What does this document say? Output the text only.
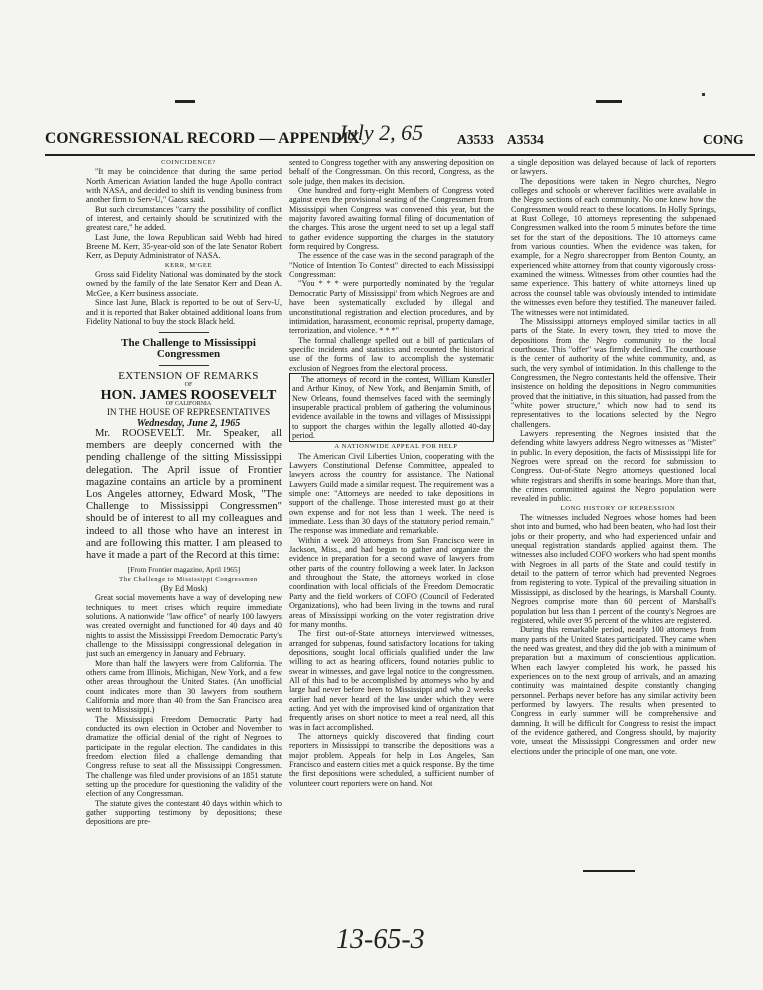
CONGRESSIONAL RECORD — APPENDIX
July 2, 65	A3533 A3534	CONG

COINCIDENCE?

"It may be coincidence that during the same period North American Aviation landed the huge Apollo contract with NASA, and decided to shift its vending business from another firm to Serv-U," Gaoss said.

But such circumstances "carry the possibility of conflict of interest, and certainly should be scrutinized with the greatest care," he added.

Last June, the Iowa Republican said Webb had hired Breene M. Kerr, 35-year-old son of the late Senator Robert Kerr, as Deputy Administrator of NASA.

KERR, M'GEE

Gross said Fidelity National was dominated by the stock owned by the family of the late Senator Kerr and Dean A. McGee, a Kerr business associate.

Since last June, Black is reported to be out of Serv-U, and it is reported that Baker obtained additional loans from Fidelity National to buy the stock Black held.

The Challenge to Mississippi

Congressmen

EXTENSION OF REMARKS

OF

HON. JAMES ROOSEVELT

OF CALIFORNIA

IN THE HOUSE OF REPRESENTATIVES

Wednesday, June 2, 1965

Mr. ROOSEVELT. Mr. Speaker, all members are deeply concerned with the pending challenge of the sitting Mississippi delegation. The April issue of Frontier magazine contains an article by a prominent Los Angeles attorney, Edward Mosk, "The Challenge to Mississippi Congressmen" should be of interest to all my colleagues and indeed to all those who have an interest in and are following this matter. I am pleased to have it made a part of the Record at this time:

[From Frontier magazine, April 1965]

The Challenge to Mississippi Congressmen

(By Ed Mosk)

Great social movements have a way of developing new techniques to meet crises which require immediate solutions. A nationwide "law office" of nearly 100 lawyers was created overnight and functioned for 40 days and 40 nights to assist the Mississippi Freedom Democratic Party's challenge to the Mississippi congressional delegation in just such an emergency in January and February.

More than half the lawyers were from California. The others came from Illinois, Michigan, New York, and a few other areas throughout the United States. (An unofficial count indicates more than 30 lawyers from southern California and more than 40 from the San Francisco area went to Mississippi.)

The Mississippi Freedom Democratic Party had conducted its own election in October and November to dramatize the official denial of the right of Negroes to participate in the regular election. The candidates in this freedom election filed a challenge demanding that Congress refuse to seat all the Mississippi Congressmen. The challenge was filed under provisions of an 1851 statute setting up the procedure for questioning the validity of the election of any Congressman.

The statute gives the contestant 40 days within which to gather supporting testimony by depositions; these depositions are pre-

sented to Congress together with any answering deposition on behalf of the Congressman. On this record, Congress, as the sole judge, then makes its decision.

One hundred and forty-eight Members of Congress voted against even the provisional seating of the Congressmen from Mississippi when Congress was convened this year, but the majority favored awaiting formal filing of documentation of the charges. This arose the urgent need to set up a legal staff to gather evidence supporting the charges in the statutory form required by Congress.

The essence of the case was in the second paragraph of the "Notice of Intention To Contest" directed to each Mississippi Congressman:

"You * * * were purportedly nominated by the 'regular Democratic Party of Mississippi' from which Negroes are and have been systematically excluded by illegal and unconstitutional registration and election procedures, and by intimidation, harassment, economic reprisal, property damage, terrorization, and violence. * * *"

The formal challenge spelled out a bill of particulars of specific incidents and statistics and recounted the historical use of the forms of law to accomplish the systematic exclusion of Negroes from the electoral process.

The attorneys of record in the contest, William Kunstler and Arthur Kinoy, of New York, and Benjamin Smith, of New Orleans, found themselves faced with the seemingly insuperable practical problem of gathering the voluminous evidence available in the towns and villages of Mississippi to support the charges within the legally allotted 40-day period.

A NATIONWIDE APPEAL FOR HELP

The American Civil Liberties Union, cooperating with the Lawyers Constitutional Defense Committee, appealed to lawyers across the country for assistance. The National Lawyers Guild made a similar request. The requirement was a simple one: "Attorneys are needed to take depositions in support of the challenge. Those interested must go at their own expense and for not less than 1 week. The need is immediate. Less than 30 days of the statutory period remain." The response was immediate and remarkable.

Within a week 20 attorneys from San Francisco were in Jackson, Miss., and had begun to gather and organize the evidence in preparation for a second wave of lawyers from other parts of the country following a week later. In Jackson and throughout the State, the attorneys worked in close coordination with local officials of the Freedom Democratic Party and the field workers of COFO (Council of Federated Organizations), who had been living in the towns and rural areas of Mississippi working on the voter registration drive for many months.

The first out-of-State attorneys interviewed witnesses, arranged for subpenas, found satisfactory locations for taking depositions, sought local officials qualified under the law willing to act as hearing officers, found notaries public to swear in witnesses, and gave legal notice to the congressmen. All of this had to be accomplished by attorneys who by and large had never before been to Mississippi and who 2 weeks earlier had never heard of the law under which they were acting. And yet with the improvised kind of organization that frequently arises on short notice to meet a real need, all this was in fact accomplished.

The attorneys quickly discovered that finding court reporters in Mississippi to transcribe the depositions was a major problem. Appeals for help in Los Angeles, San Francisco and eastern cities met a quick response. By the time the first depositions were scheduled, a sufficient number of volunteer court reporters were on hand. Not

a single deposition was delayed because of lack of reporters or lawyers.

The depositions were taken in Negro churches, Negro colleges and schools or wherever facilities were available in the Negro sections of each community. No one knew how the Congressmen would react to these locations. In Holly Springs, at Rust College, 10 attorneys representing the subpenaed Congressmen walked into the room 5 minutes before the time set for the start of the depositions. The 10 attorneys came from various counties. When the evidence was taken, for example, for a Negro sharecropper from Benton County, an experienced white attorney from that county vigorously cross-examined the witness. Witnesses from other counties had the same experience. This battery of white attorneys lined up across the counsel table was obviously intended to intimidate the witnesses even before they testified. The maneuver failed. The witnesses were not intimidated.

The Mississippi attorneys employed similar tactics in all parts of the State. In every town, they tried to move the depositions from the Negro community to the local courthouse. This "offer" was firmly declined. The courthouse is the center of authority of the white community, and, as such, the very symbol of intimidation. In this challenge to the Congressmen, the Negro contestants held the offensive. Their insistence on holding the depositions in Negro communities proved that the initiative, in this situation, had passed from the "white power structure," which now had to send its representatives to the locations selected by the Negro challengers.

Lawyers representing the Negroes insisted that the defending white lawyers address Negro witnesses as "Mister" in public. In every deposition, the facts of Mississippi life for Negroes were spread on the record for submission to Congress. Out-of-State Negro attorneys questioned local white registrars and sheriffs in some hearings. More than that, the crimes committed against the Negro population were revealed in public.

LONG HISTORY OF REPRESSION

The witnesses included Negroes whose homes had been shot into and burned, who had been beaten, who had lost their jobs or their property, and who had experienced unfair and unequal registration standards applied against them. The witnesses also included COFO workers who had spent months with Negroes in all parts of the State and could testify in detail to the pattern of terror which had prevented Negroes from registering to vote. Typical of the prevailing situation in Mississippi, as disclosed by the hearings, is Marshall County. Negroes comprise more than 60 percent of Marshall's population but less than 1 percent of the county's Negroes are registered, while over 95 percent of the whites are registered.

During this remarkable period, nearly 100 attorneys from many parts of the United States participated. They came when the need was greatest, and they did the job with a minimum of preparation but a maximum of conscientious application. When each lawyer completed his work, he passed his experiences on to the next group of arrivals, and an amazing continuity was maintained despite constantly changing personnel. Perhaps never before has any similar activity been performed by lawyers. The results when presented to Congress in early summer will be comprehensive and damning. It will be difficult for Congress to resist the impact of the evidence gathered, and Congress should, by majority vote, unseat the Mississippi Congressmen and order new elections under the principle of one man, one vote.

13-65-3
